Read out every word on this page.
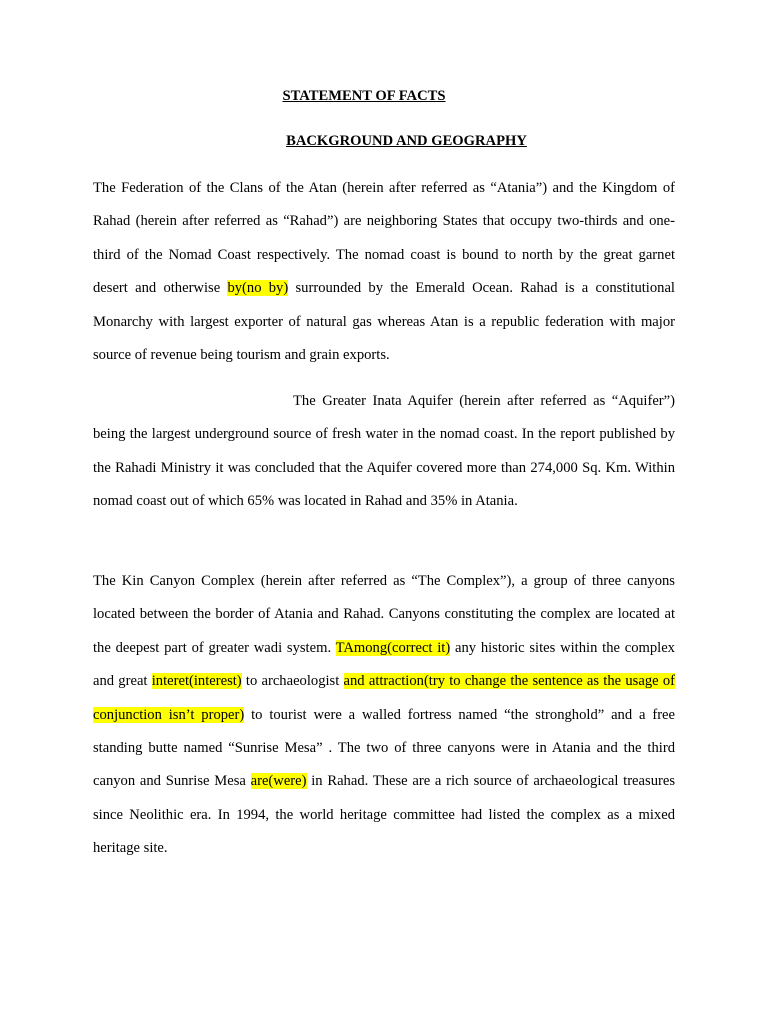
STATEMENT OF FACTS
BACKGROUND AND GEOGRAPHY
The Federation of the Clans of the Atan (herein after referred as “Atania”) and the Kingdom of Rahad (herein after referred as “Rahad”) are neighboring States that occupy two-thirds and one-third of the Nomad Coast respectively. The nomad coast is bound to north by the great garnet desert and otherwise by(no by) surrounded by the Emerald Ocean. Rahad is a constitutional Monarchy with largest exporter of natural gas whereas Atan is a republic federation with major source of revenue being tourism and grain exports.
The Greater Inata Aquifer (herein after referred as “Aquifer”) being the largest underground source of fresh water in the nomad coast. In the report published by the Rahadi Ministry it was concluded that the Aquifer covered more than 274,000 Sq. Km. Within nomad coast out of which 65% was located in Rahad and 35% in Atania.
The Kin Canyon Complex (herein after referred as “The Complex”), a group of three canyons located between the border of Atania and Rahad. Canyons constituting the complex are located at the deepest part of greater wadi system. TAmong(correct it) any historic sites within the complex and great interet(interest) to archaeologist and attraction(try to change the sentence as the usage of conjunction isn’t proper) to tourist were a walled fortress named “the stronghold” and a free standing butte named “Sunrise Mesa” . The two of three canyons were in Atania and the third canyon and Sunrise Mesa are(were) in Rahad. These are a rich source of archaeological treasures since Neolithic era. In 1994, the world heritage committee had listed the complex as a mixed heritage site.
